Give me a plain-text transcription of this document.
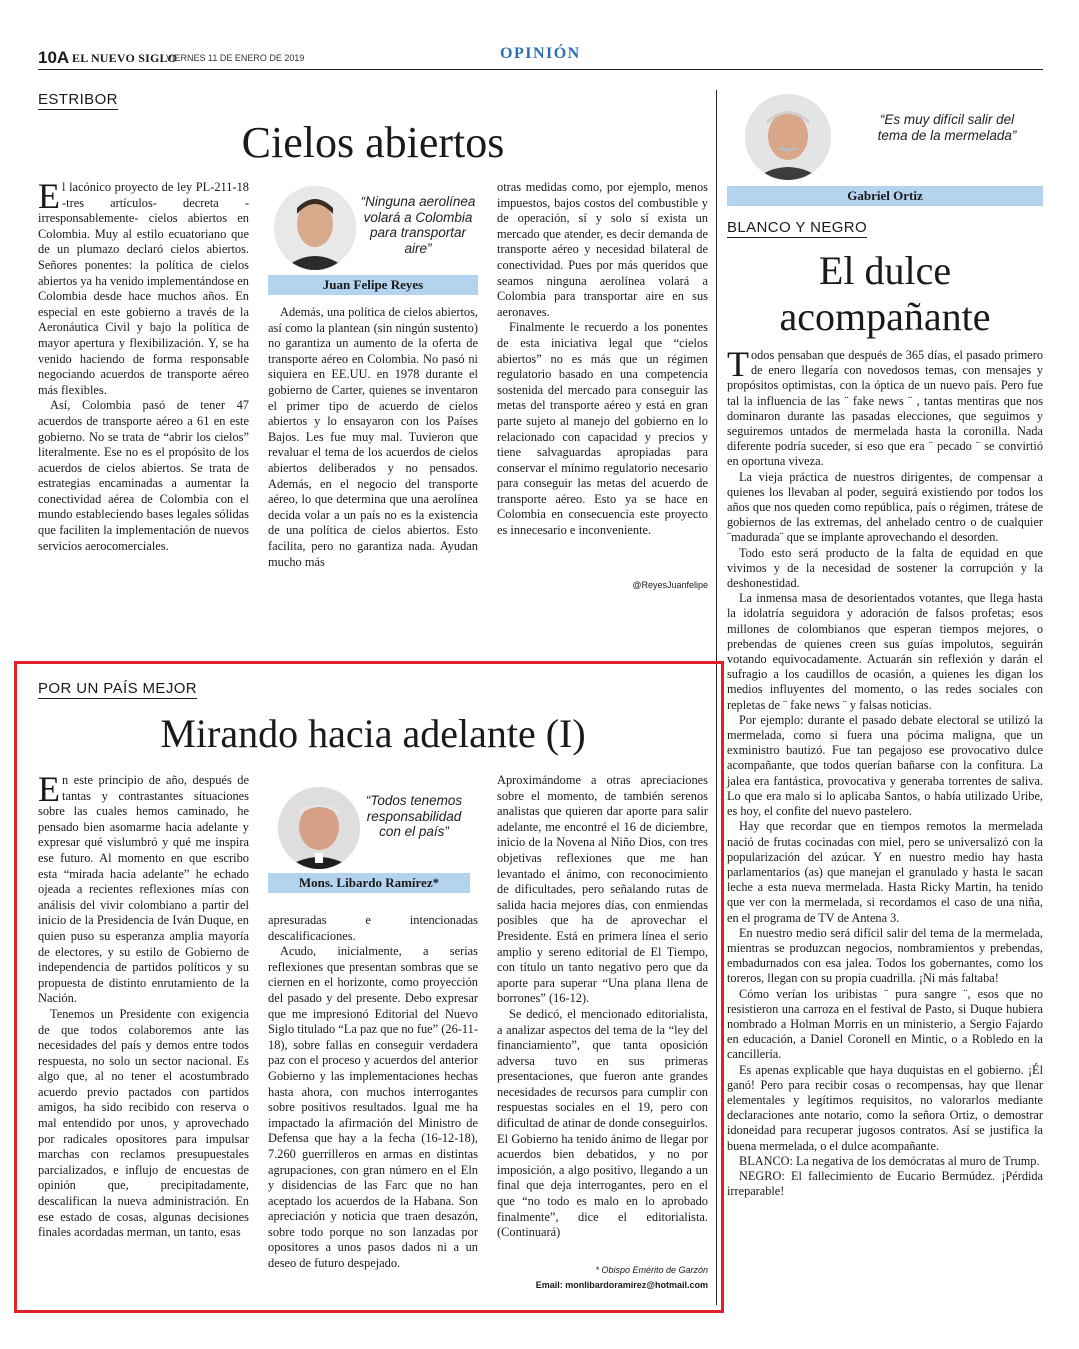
10A EL NUEVO SIGLO
VIERNES 11 DE ENERO DE 2019	OPINIÓN
ESTRIBOR
Cielos abiertos

El lacónico proyecto de ley PL-211-18 -tres artículos- decreta -irresponsablemente- cielos abiertos en Colombia. Muy al estilo ecuatoriano que de un plumazo declaró cielos abiertos. Señores ponentes: la política de cielos abiertos ya ha venido implementándose en Colombia desde hace muchos años. En especial en este gobierno a través de la Aeronáutica Civil y bajo la política de mayor apertura y flexibilización. Y, se ha venido haciendo de forma responsable negociando acuerdos de transporte aéreo más flexibles.

Así, Colombia pasó de tener 47 acuerdos de transporte aéreo a 61 en este gobierno. No se trata de “abrir los cielos” literalmente. Ese no es el propósito de los acuerdos de cielos abiertos. Se trata de estrategias encaminadas a aumentar la conectividad aérea de Colombia con el mundo estableciendo bases legales sólidas que faciliten la implementación de nuevos servicios aerocomerciales.

“Ninguna aerolínea volará a Colombia para transportar aire”
Juan Felipe Reyes

Además, una política de cielos abiertos, así como la plantean (sin ningún sustento) no garantiza un aumento de la oferta de transporte aéreo en Colombia. No pasó ni siquiera en EE.UU. en 1978 durante el gobierno de Carter, quienes se inventaron el primer tipo de acuerdo de cielos abiertos y lo ensayaron con los Países Bajos. Les fue muy mal. Tuvieron que revaluar el tema de los acuerdos de cielos abiertos deliberados y no pensados. Además, en el negocio del transporte aéreo, lo que determina que una aerolínea decida volar a un país no es la existencia de una política de cielos abiertos. Esto facilita, pero no garantiza nada. Ayudan mucho más

otras medidas como, por ejemplo, menos impuestos, bajos costos del combustible y de operación, sí y solo sí exista un mercado que atender, es decir demanda de transporte aéreo y necesidad bilateral de conectividad. Pues por más queridos que seamos ninguna aerolínea volará a Colombia para transportar aire en sus aeronaves.

Finalmente le recuerdo a los ponentes de esta iniciativa legal que “cielos abiertos” no es más que un régimen regulatorio basado en una competencia sostenida del mercado para conseguir las metas del transporte aéreo y está en gran parte sujeto al manejo del gobierno en lo relacionado con capacidad y precios y tiene salvaguardas apropiadas para conservar el mínimo regulatorio necesario para conseguir las metas del acuerdo de transporte aéreo. Esto ya se hace en Colombia en consecuencia este proyecto es innecesario e inconveniente.

@ReyesJuanfelipe
“Es muy difícil salir del tema de la mermelada”
Gabriel Ortiz
BLANCO Y NEGRO
El dulce
acompañante

Todos pensaban que después de 365 días, el pasado primero de enero llegaría con novedosos temas, con mensajes y propósitos optimistas, con la óptica de un nuevo país. Pero fue tal la influencia de las ¨ fake news ¨ , tantas mentiras que nos dominaron durante las pasadas elecciones, que seguimos y seguiremos untados de mermelada hasta la coronilla. Nada diferente podría suceder, si eso que era ¨ pecado ¨ se convirtió en oportuna viveza.

La vieja práctica de nuestros dirigentes, de compensar a quienes los llevaban al poder, seguirá existiendo por todos los años que nos queden como república, país o régimen, trátese de gobiernos de las extremas, del anhelado centro o de cualquier ¨madurada¨ que se implante aprovechando el desorden.

Todo esto será producto de la falta de equidad en que vivimos y de la necesidad de sostener la corrupción y la deshonestidad.

La inmensa masa de desorientados votantes, que llega hasta la idolatría seguidora y adoración de falsos profetas; esos millones de colombianos que esperan tiempos mejores, o prebendas de quienes creen sus guías impolutos, seguirán votando equivocadamente. Actuarán sin reflexión y darán el sufragio a los caudillos de ocasión, a quienes les digan los medios influyentes del momento, o las redes sociales con repletas de ¨ fake news ¨ y falsas noticias.

Por ejemplo: durante el pasado debate electoral se utilizó la mermelada, como si fuera una pócima maligna, que un exministro bautizó. Fue tan pegajoso ese provocativo dulce acompañante, que todos querían bañarse con la confitura. La jalea era fantástica, provocativa y generaba torrentes de saliva. Lo que era malo si lo aplicaba Santos, o había utilizado Uribe, es hoy, el confite del nuevo pastelero.

Hay que recordar que en tiempos remotos la mermelada nació de frutas cocinadas con miel, pero se universalizó con la popularización del azúcar. Y en nuestro medio hay hasta parlamentarios (as) que manejan el granulado y hasta le sacan leche a esta nueva mermelada. Hasta Ricky Martin, ha tenido que ver con la mermelada, si recordamos el caso de una niña, en el programa de TV de Antena 3.

En nuestro medio será difícil salir del tema de la mermelada, mientras se produzcan negocios, nombramientos y prebendas, embadurnados con esa jalea. Todos los gobernantes, como los toreros, llegan con su propia cuadrilla. ¡Ni más faltaba!

Cómo verían los uribistas ¨ pura sangre ¨, esos que no resistieron una carroza en el festival de Pasto, si Duque hubiera nombrado a Holman Morris en un ministerio, a Sergio Fajardo en educación, a Daniel Coronell en Mintic, o a Robledo en la cancillería.

Es apenas explicable que haya duquistas en el gobierno. ¡Él ganó! Pero para recibir cosas o recompensas, hay que llenar elementales y legítimos requisitos, no valorarlos mediante declaraciones ante notario, como la señora Ortiz, o demostrar idoneidad para recuperar jugosos contratos. Así se justifica la buena mermelada, o el dulce acompañante.

BLANCO: La negativa de los demócratas al muro de Trump.

NEGRO: El fallecimiento de Eucario Bermúdez. ¡Pérdida irreparable!

POR UN PAÍS MEJOR
Mirando hacia adelante (I)

En este principio de año, después de tantas y contrastantes situaciones sobre las cuales hemos caminado, he pensado bien asomarme hacia adelante y expresar qué vislumbró y qué me inspira ese futuro. Al momento en que escribo esta “mirada hacia adelante” he echado ojeada a recientes reflexiones mías con análisis del vivir colombiano a partir del inicio de la Presidencia de Iván Duque, en quien puso su esperanza amplia mayoría de electores, y su estilo de Gobierno de independencia de partidos políticos y su propuesta de distinto enrutamiento de la Nación.

Tenemos un Presidente con exigencia de que todos colaboremos ante las necesidades del país y demos entre todos respuesta, no solo un sector nacional. Es algo que, al no tener el acostumbrado acuerdo previo pactados con partidos amigos, ha sido recibido con reserva o mal entendido por unos, y aprovechado por radicales opositores para impulsar marchas con reclamos presupuestales parcializados, e influjo de encuestas de opinión que, precipitadamente, descalifican la nueva administración. En ese estado de cosas, algunas decisiones finales acordadas merman, un tanto, esas

“Todos tenemos responsabilidad con el país”
Mons. Libardo Ramírez*

apresuradas e intencionadas descalificaciones.

Acudo, inicialmente, a serias reflexiones que presentan sombras que se ciernen en el horizonte, como proyección del pasado y del presente. Debo expresar que me impresionó Editorial del Nuevo Siglo titulado “La paz que no fue” (26-11-18), sobre fallas en conseguir verdadera paz con el proceso y acuerdos del anterior Gobierno y las implementaciones hechas hasta ahora, con muchos interrogantes sobre positivos resultados. Igual me ha impactado la afirmación del Ministro de Defensa que hay a la fecha (16-12-18), 7.260 guerrilleros en armas en distintas agrupaciones, con gran número en el Eln y disidencias de las Farc que no han aceptado los acuerdos de la Habana. Son apreciación y noticia que traen desazón, sobre todo porque no son lanzadas por opositores a unos pasos dados ni a un deseo de futuro despejado.

Aproximándome a otras apreciaciones sobre el momento, de también serenos analistas que quieren dar aporte para salir adelante, me encontré el 16 de diciembre, inicio de la Novena al Niño Dios, con tres objetivas reflexiones que me han levantado el ánimo, con reconocimiento de dificultades, pero señalando rutas de salida hacia mejores días, con enmiendas posibles que ha de aprovechar el Presidente. Está en primera línea el serio amplio y sereno editorial de El Tiempo, con título un tanto negativo pero que da aporte para superar “Una plana llena de borrones” (16-12).

Se dedicó, el mencionado editorialista, a analizar aspectos del tema de la “ley del financiamiento”, que tanta oposición adversa tuvo en sus primeras presentaciones, que fueron ante grandes necesidades de recursos para cumplir con respuestas sociales en el 19, pero con dificultad de atinar de donde conseguirlos. El Gobierno ha tenido ánimo de llegar por acuerdos bien debatidos, y no por imposición, a algo positivo, llegando a un final que deja interrogantes, pero en el que “no todo es malo en lo aprobado finalmente”, dice el editorialista. (Continuará)

* Obispo Emérito de Garzón
Email: monlibardoramirez@hotmail.com
